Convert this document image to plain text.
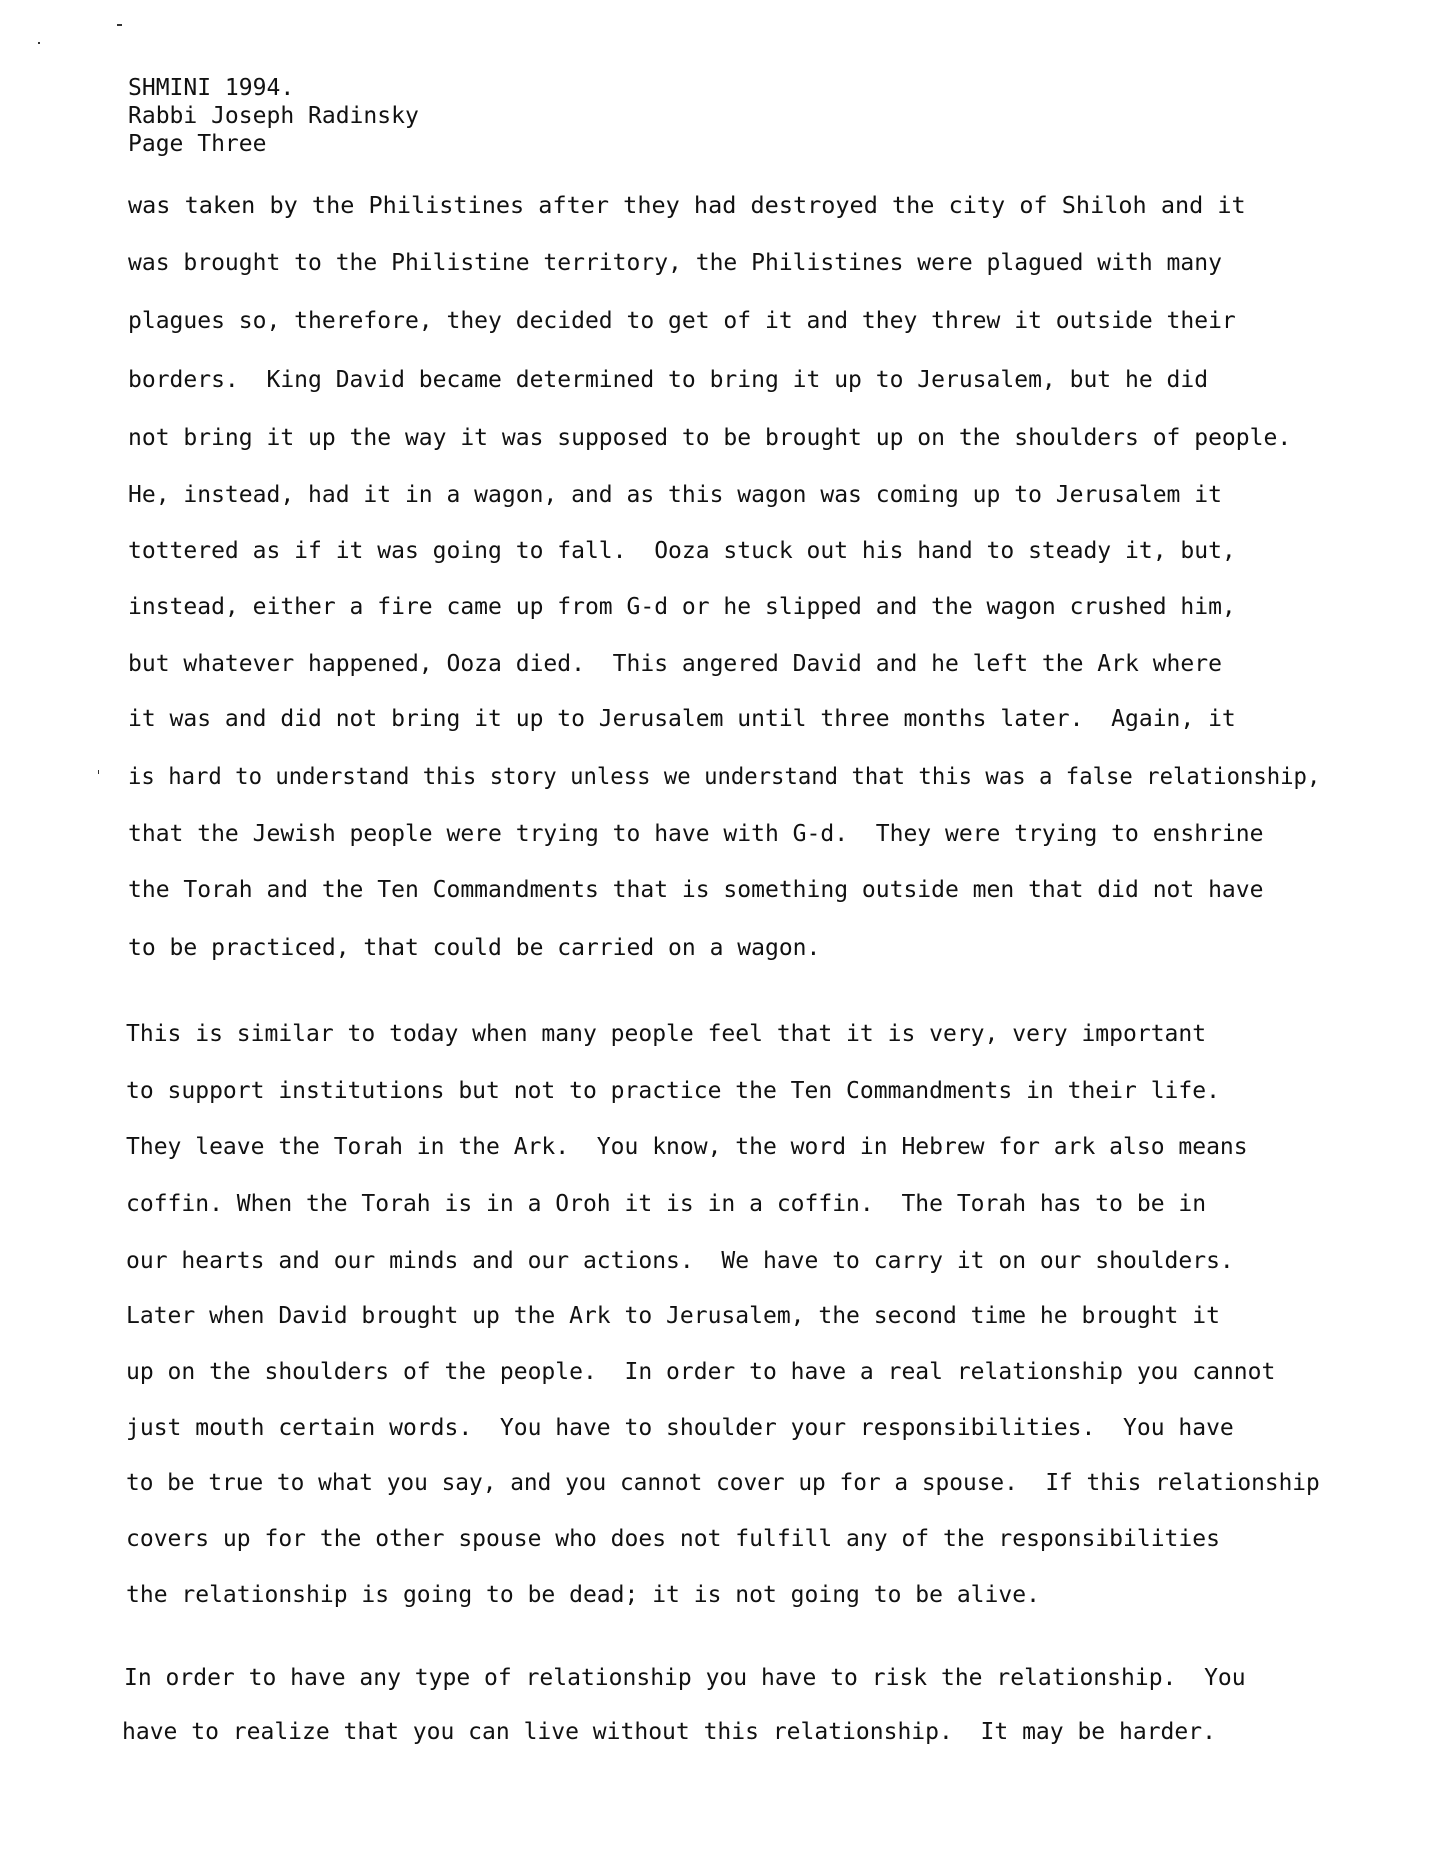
SHMINI 1994.
Rabbi Joseph Radinsky
Page Three
was taken by the Philistines after they had destroyed the city of Shiloh and it
was brought to the Philistine territory, the Philistines were plagued with many
plagues so, therefore, they decided to get of it and they threw it outside their
borders.  King David became determined to bring it up to Jerusalem, but he did
not bring it up the way it was supposed to be brought up on the shoulders of people.
He, instead, had it in a wagon, and as this wagon was coming up to Jerusalem it
tottered as if it was going to fall.  Ooza stuck out his hand to steady it, but,
instead, either a fire came up from G-d or he slipped and the wagon crushed him,
but whatever happened, Ooza died.  This angered David and he left the Ark where
it was and did not bring it up to Jerusalem until three months later.  Again, it
is hard to understand this story unless we understand that this was a false relationship,
that the Jewish people were trying to have with G-d.  They were trying to enshrine
the Torah and the Ten Commandments that is something outside men that did not have
to be practiced, that could be carried on a wagon.
This is similar to today when many people feel that it is very, very important
to support institutions but not to practice the Ten Commandments in their life.
They leave the Torah in the Ark.  You know, the word in Hebrew for ark also means
coffin. When the Torah is in a Oroh it is in a coffin.  The Torah has to be in
our hearts and our minds and our actions.  We have to carry it on our shoulders.
Later when David brought up the Ark to Jerusalem, the second time he brought it
up on the shoulders of the people.  In order to have a real relationship you cannot
just mouth certain words.  You have to shoulder your responsibilities.  You have
to be true to what you say, and you cannot cover up for a spouse.  If this relationship
covers up for the other spouse who does not fulfill any of the responsibilities
the relationship is going to be dead; it is not going to be alive.
In order to have any type of relationship you have to risk the relationship.  You
have to realize that you can live without this relationship.  It may be harder.
